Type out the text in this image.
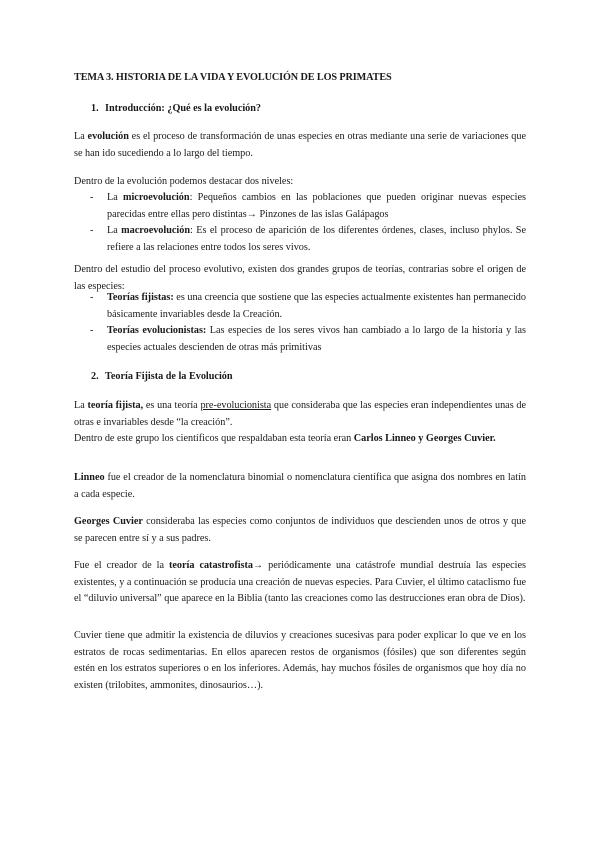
TEMA 3. HISTORIA DE LA VIDA Y EVOLUCIÓN DE LOS PRIMATES
1. Introducción: ¿Qué es la evolución?
La evolución es el proceso de transformación de unas especies en otras mediante una serie de variaciones que se han ido sucediendo a lo largo del tiempo.
Dentro de la evolución podemos destacar dos niveles:
- La microevolución: Pequeños cambios en las poblaciones que pueden originar nuevas especies parecidas entre ellas pero distintas→ Pinzones de las islas Galápagos
- La macroevolución: Es el proceso de aparición de los diferentes órdenes, clases, incluso phylos. Se refiere a las relaciones entre todos los seres vivos.
Dentro del estudio del proceso evolutivo, existen dos grandes grupos de teorías, contrarias sobre el origen de las especies:
- Teorías fijistas: es una creencia que sostiene que las especies actualmente existentes han permanecido básicamente invariables desde la Creación.
- Teorías evolucionistas: Las especies de los seres vivos han cambiado a lo largo de la historia y las especies actuales descienden de otras más primitivas
2. Teoría Fijista de la Evolución
La teoría fijista, es una teoría pre-evolucionista que consideraba que las especies eran independientes unas de otras e invariables desde “la creación”.
Dentro de este grupo los científicos que respaldaban esta teoría eran Carlos Linneo y Georges Cuvier.
Linneo fue el creador de la nomenclatura binomial o nomenclatura científica que asigna dos nombres en latín a cada especie.
Georges Cuvier consideraba las especies como conjuntos de individuos que descienden unos de otros y que se parecen entre sí y a sus padres.
Fue el creador de la teoría catastrofista→ periódicamente una catástrofe mundial destruía las especies existentes, y a continuación se producía una creación de nuevas especies. Para Cuvier, el último cataclismo fue el “diluvio universal” que aparece en la Biblia (tanto las creaciones como las destrucciones eran obra de Dios).
Cuvier tiene que admitir la existencia de diluvios y creaciones sucesivas para poder explicar lo que ve en los estratos de rocas sedimentarias. En ellos aparecen restos de organismos (fósiles) que son diferentes según estén en los estratos superiores o en los inferiores. Además, hay muchos fósiles de organismos que hoy día no existen (trilobites, ammonites, dinosaurios…).
